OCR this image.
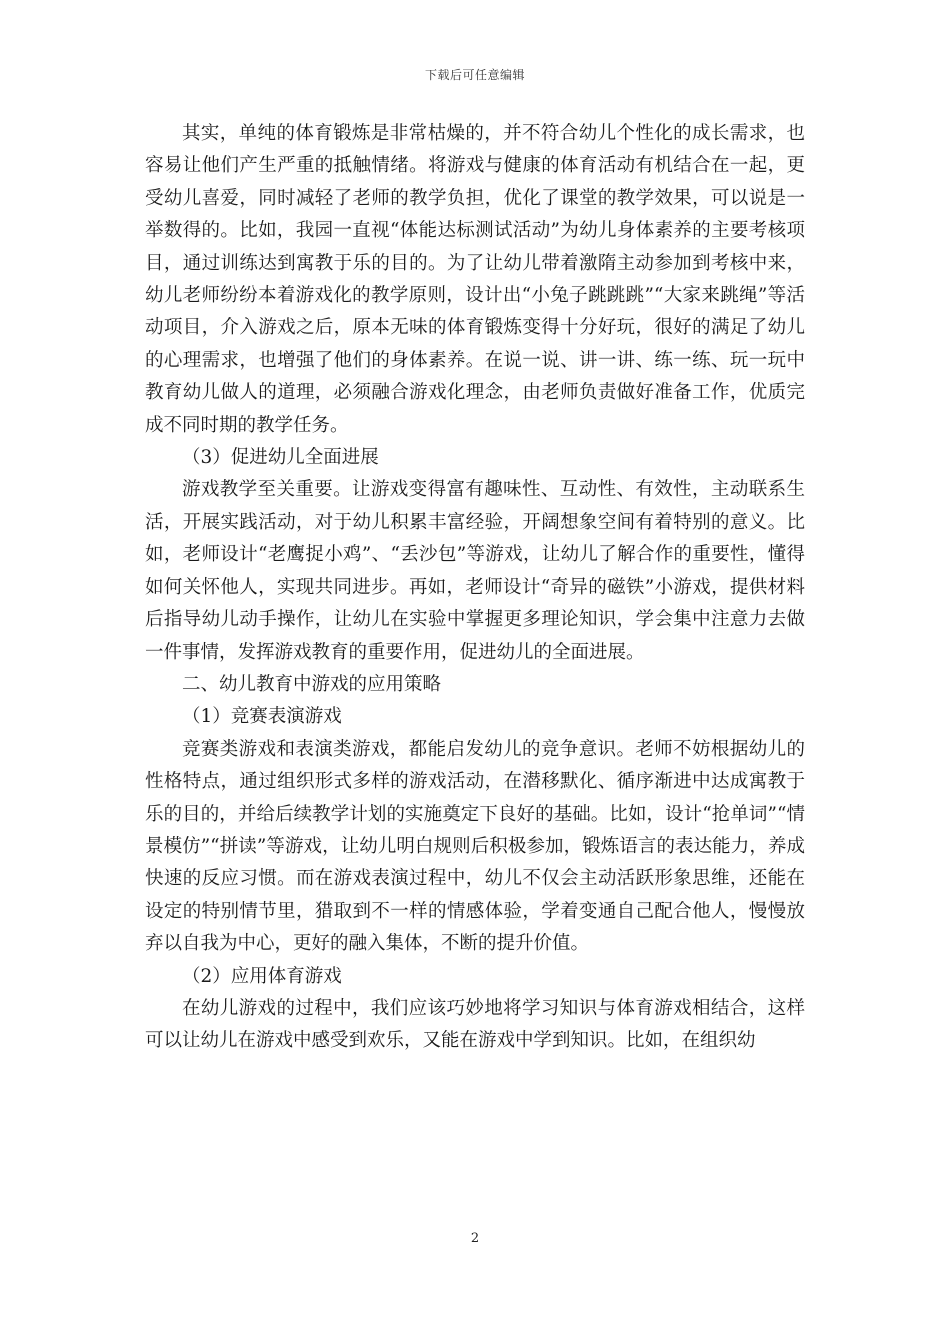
下载后可任意编辑

其实，单纯的体育锻炼是非常枯燥的，并不符合幼儿个性化的成长需求，也容易让他们产生严重的抵触情绪。将游戏与健康的体育活动有机结合在一起，更受幼儿喜爱，同时减轻了老师的教学负担，优化了课堂的教学效果，可以说是一举数得的。比如，我园一直视“体能达标测试活动”为幼儿身体素养的主要考核项目，通过训练达到寓教于乐的目的。为了让幼儿带着激隋主动参加到考核中来，幼儿老师纷纷本着游戏化的教学原则，设计出“小兔子跳跳跳”“大家来跳绳”等活动项目，介入游戏之后，原本无味的体育锻炼变得十分好玩，很好的满足了幼儿的心理需求，也增强了他们的身体素养。在说一说、讲一讲、练一练、玩一玩中教育幼儿做人的道理，必须融合游戏化理念，由老师负责做好准备工作，优质完成不同时期的教学任务。

（3）促进幼儿全面进展

游戏教学至关重要。让游戏变得富有趣味性、互动性、有效性，主动联系生活，开展实践活动，对于幼儿积累丰富经验，开阔想象空间有着特别的意义。比如，老师设计“老鹰捉小鸡”、“丢沙包”等游戏，让幼儿了解合作的重要性，懂得如何关怀他人，实现共同进步。再如，老师设计“奇异的磁铁”小游戏，提供材料后指导幼儿动手操作，让幼儿在实验中掌握更多理论知识，学会集中注意力去做一件事情，发挥游戏教育的重要作用，促进幼儿的全面进展。

二、幼儿教育中游戏的应用策略

（1）竞赛表演游戏

竞赛类游戏和表演类游戏，都能启发幼儿的竞争意识。老师不妨根据幼儿的性格特点，通过组织形式多样的游戏活动，在潜移默化、循序渐进中达成寓教于乐的目的，并给后续教学计划的实施奠定下良好的基础。比如，设计“抢单词”“情景模仿”“拼读”等游戏，让幼儿明白规则后积极参加，锻炼语言的表达能力，养成快速的反应习惯。而在游戏表演过程中，幼儿不仅会主动活跃形象思维，还能在设定的特别情节里，猎取到不一样的情感体验，学着变通自己配合他人，慢慢放弃以自我为中心，更好的融入集体，不断的提升价值。

（2）应用体育游戏

在幼儿游戏的过程中，我们应该巧妙地将学习知识与体育游戏相结合，这样可以让幼儿在游戏中感受到欢乐，又能在游戏中学到知识。比如，在组织幼

2
